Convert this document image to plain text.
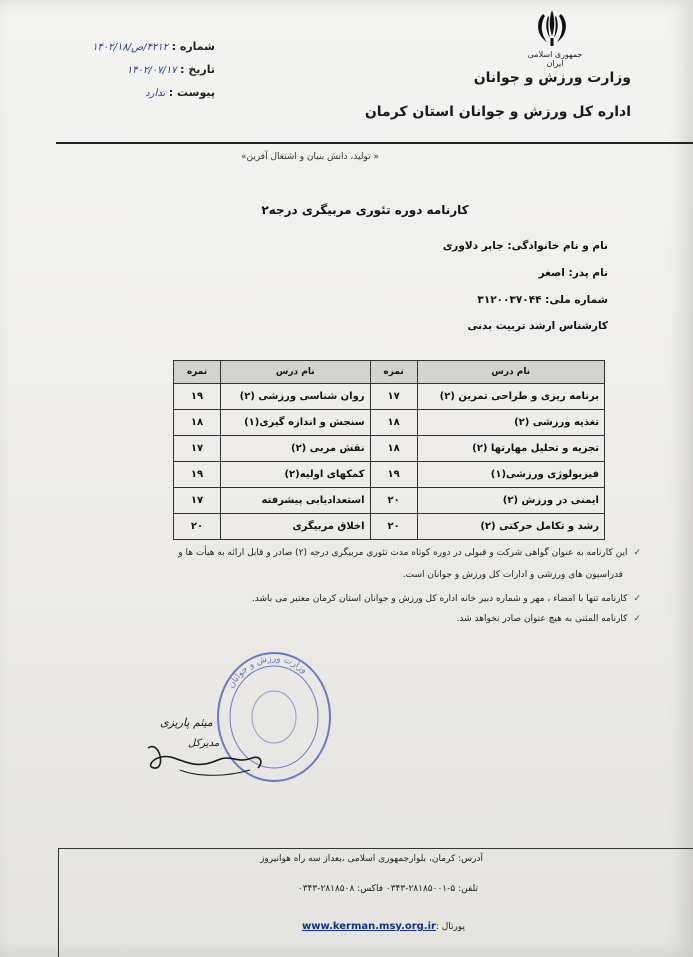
جمهوری اسلامی ایران
وزارت ورزش و جوانان
اداره کل ورزش و جوانان استان کرمان
شماره : ۴۲۱۲/ص/۱۴۰۲/۱۸
تاریخ : ۱۴۰۲/۰۷/۱۷
پیوست : ندارد
« تولید، دانش بنیان و اشتغال آفرین»
کارنامه دوره تئوری مربیگری درجه۲
نام و نام خانوادگی: جابر دلاوری
نام پدر: اصغر
شماره ملی: ۳۱۲۰۰۳۷۰۴۴
کارشناس ارشد تربیت بدنی
نام درس	نمره	نام درس	نمره
برنامه ریزی و طراحی تمرین (۲)	۱۷	روان شناسی ورزشی (۲)	۱۹
تغذیه ورزشی (۲)	۱۸	سنجش و اندازه گیری(۱)	۱۸
تجزیه و تحلیل مهارتها (۲)	۱۸	نقش مربی (۲)	۱۷
فیزیولوژی ورزشی(۱)	۱۹	کمکهای اولیه(۲)	۱۹
ایمنی در ورزش (۲)	۲۰	استعدادیابی پیشرفته	۱۷
رشد و تکامل حرکتی (۲)	۲۰	اخلاق مربیگری	۲۰
✓این کارنامه به عنوان گواهی شرکت و قبولی در دوره کوتاه مدت تئوری مربیگری درجه (۲) صادر و قابل ارائه به هیأت ها و
فدراسیون های ورزشی و ادارات کل ورزش و جوانان است.
✓کارنامه تنها با امضاء ، مهر و شماره دبیر خانه اداره کل ورزش و جوانان استان کرمان معتبر می باشد.
✓کارنامه المثنی به هیچ عنوان صادر نخواهد شد.
وزارت ورزش و جوانان
میثم پاریزی
مدیرکل
آدرس: کرمان، بلوارجمهوری اسلامی ،بعداز سه راه هوانیروز
تلفن: ۵-۲۸۱۸۵۰۰۱-۰۳۴۳ فاکس: ۲۸۱۸۵۰۸-۰۳۴۳
پورتال :
www.kerman.msy.org.ir
